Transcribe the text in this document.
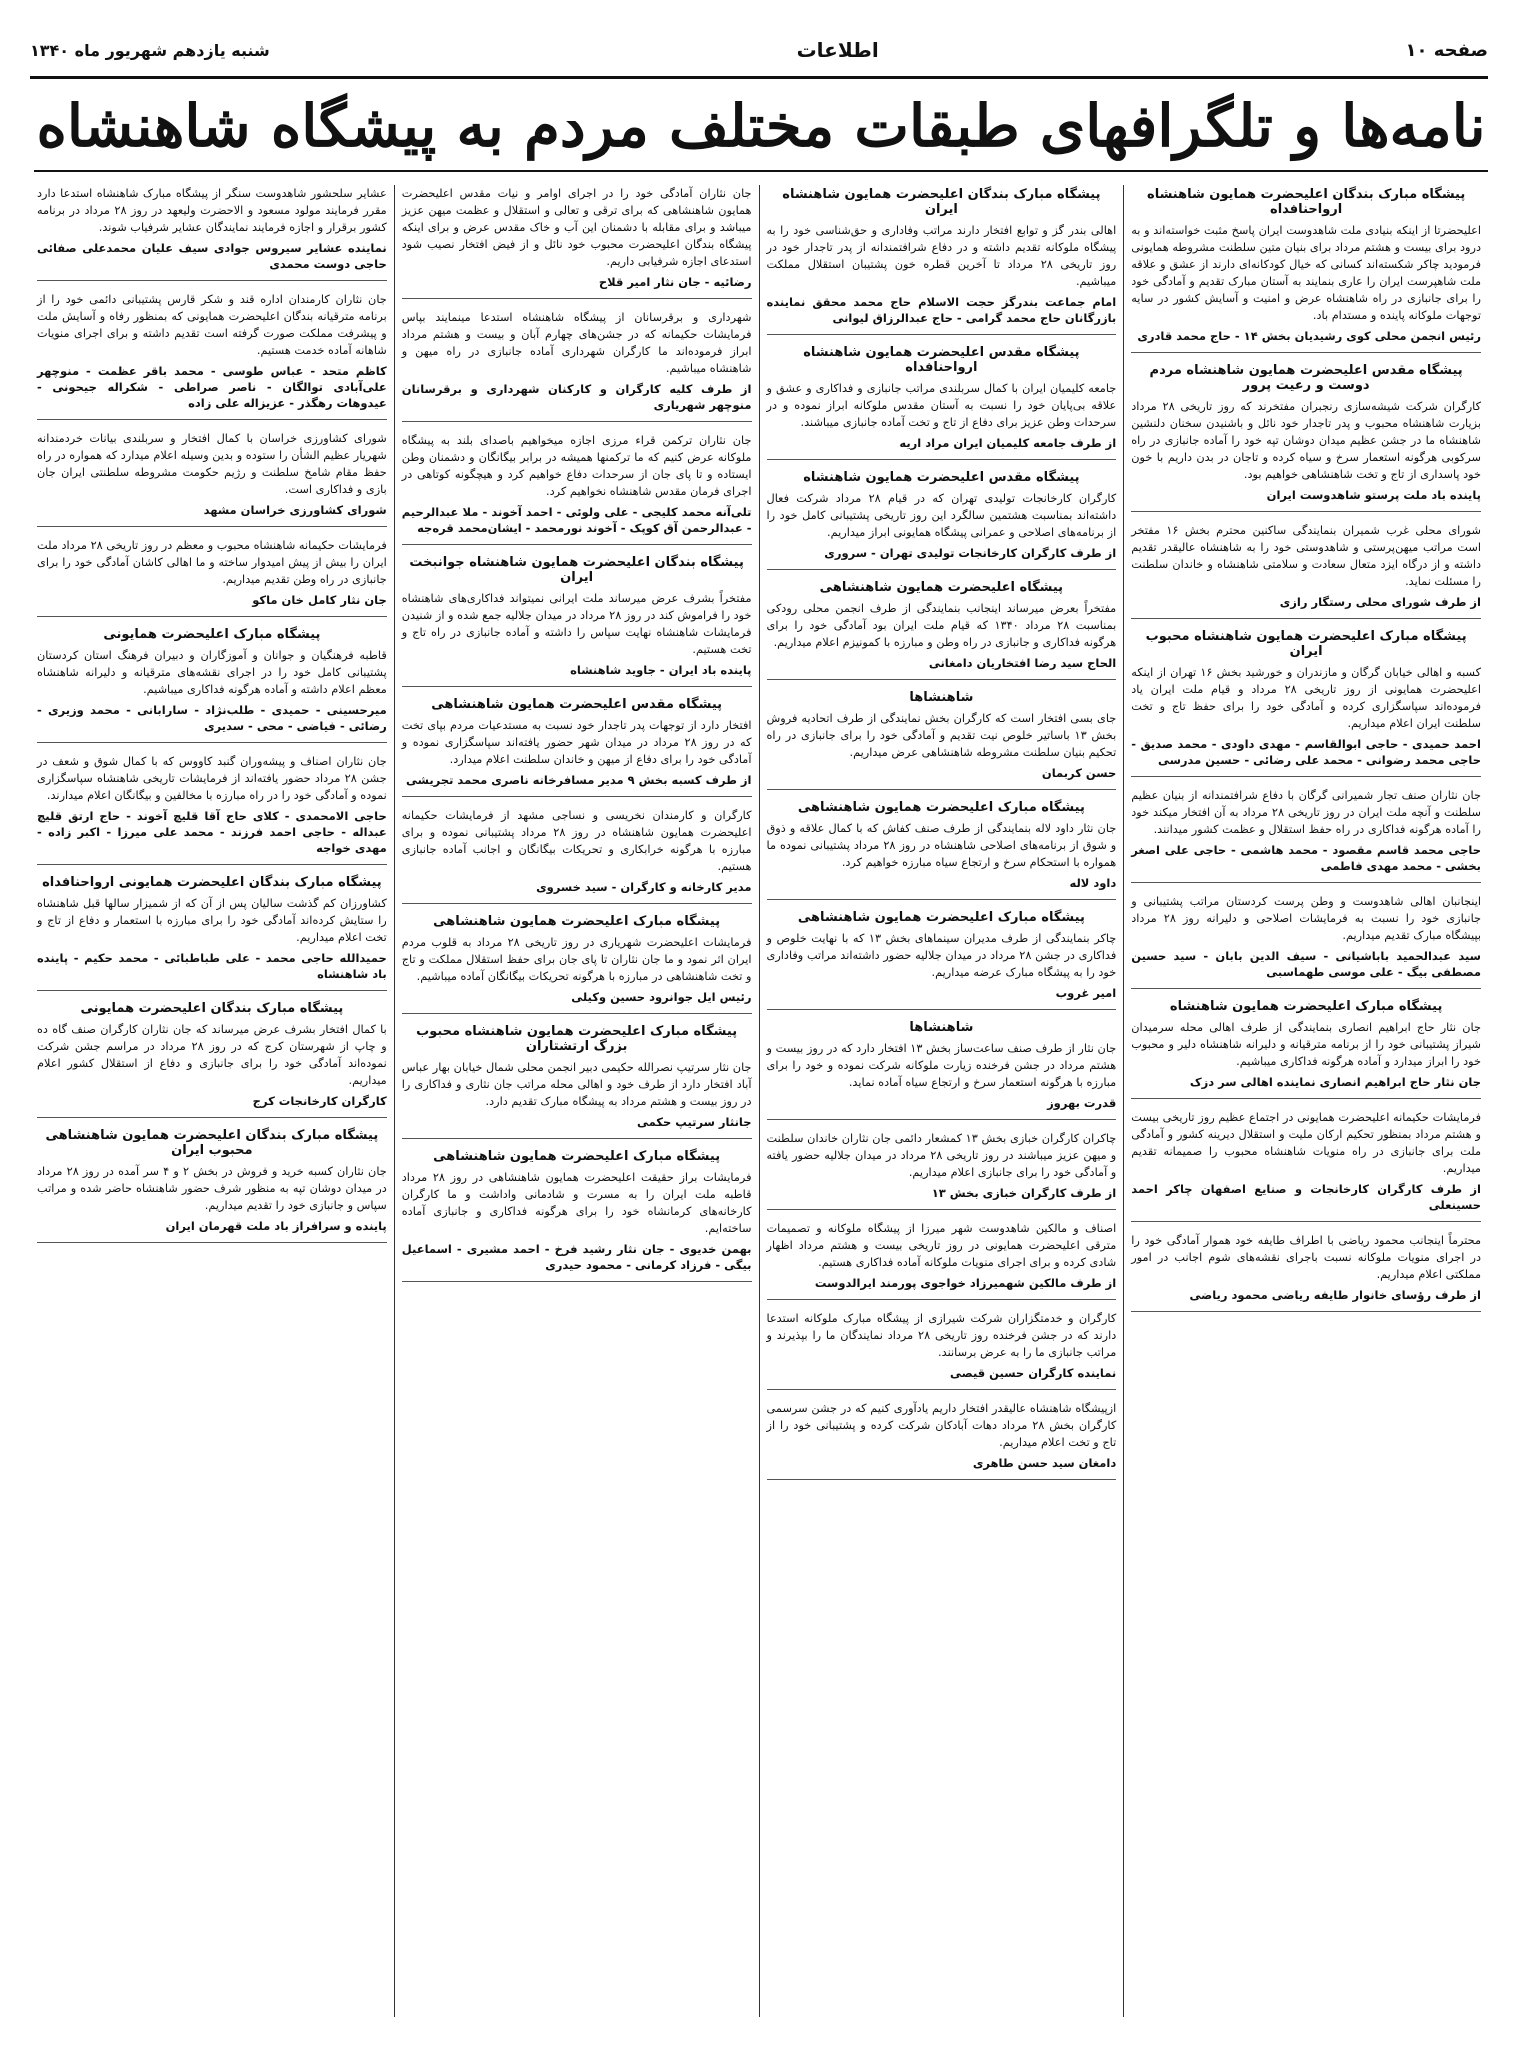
صفحه ۱۰
اطلاعات
شنبه یازدهم شهریور ماه ۱۳۴۰
نامه‌ها و تلگرافهای طبقات مختلف مردم به پیشگاه شاهنشاه
پیشگاه مبارک بندگان اعلیحضرت همایون شاهنشاه ارواحنافداه
اعلیحضرتا از اینکه بنیادی ملت شاهدوست ایران پاسخ مثبت خواسته‌اند و به درود برای بیست و هشتم مرداد برای بنیان متین سلطنت مشروطه همایونی فرمودید چاکر شکسته‌اند کسانی که خیال کودکانه‌ای دارند از عشق و علاقه ملت شاهپرست ایران را عاری بنمایند به آستان مبارک تقدیم و آمادگی خود را برای جانبازی در راه شاهنشاه عرض و امنیت و آسایش کشور در سایه توجهات ملوکانه پاینده و مستدام باد.
رئیس انجمن محلی کوی رشیدیان بخش ۱۴ - حاج محمد قادری
پیشگاه مقدس اعلیحضرت همایون شاهنشاه مردم دوست و رعیت پرور
کارگران شرکت شیشه‌سازی رنجبران مفتخرند که روز تاریخی ۲۸ مرداد بزیارت شاهنشاه محبوب و پدر تاجدار خود نائل و باشنیدن سخنان دلنشین شاهنشاه ما در جشن عظیم میدان دوشان تپه خود را آماده جانبازی در راه سرکوبی هرگونه استعمار سرخ و سیاه کرده و تاجان در بدن داریم با خون خود پاسداری از تاج و تخت شاهنشاهی خواهیم بود.
پاینده باد ملت پرستو شاهدوست ایران
شورای محلی غرب شمیران بنمایندگی ساکنین محترم بخش ۱۶ مفتخر است مراتب میهن‌پرستی و شاهدوستی خود را به شاهنشاه عالیقدر تقدیم داشته و از درگاه ایزد متعال سعادت و سلامتی شاهنشاه و خاندان سلطنت را مسئلت نماید.
از طرف شورای محلی رستگار رازی
پیشگاه مبارک اعلیحضرت همایون شاهنشاه محبوب ایران
کسبه و اهالی خیابان گرگان و مازندران و خورشید بخش ۱۶ تهران از اینکه اعلیحضرت همایونی از روز تاریخی ۲۸ مرداد و قیام ملت ایران یاد فرموده‌اند سپاسگزاری کرده و آمادگی خود را برای حفظ تاج و تخت سلطنت ایران اعلام میداریم.
احمد حمیدی - حاجی ابوالقاسم - مهدی داودی - محمد صدیق - حاجی محمد رضوانی - محمد علی رضائی - حسین مدرسی
جان نثاران صنف تجار شمیرانی گرگان با دفاع شرافتمندانه از بنیان عظیم سلطنت و آنچه ملت ایران در روز تاریخی ۲۸ مرداد به آن افتخار میکند خود را آماده هرگونه فداکاری در راه حفظ استقلال و عظمت کشور میدانند.
حاجی محمد قاسم مقصود - محمد هاشمی - حاجی علی اصغر بخشی - محمد مهدی فاطمی
اینجانبان اهالی شاهدوست و وطن پرست کردستان مراتب پشتیبانی و جانبازی خود را نسبت به فرمایشات اصلاحی و دلیرانه روز ۲۸ مرداد بپیشگاه مبارک تقدیم میداریم.
سید عبدالحمید باباشیانی - سیف الدین بابان - سید حسین مصطفی بیگ - علی موسی طهماسبی
پیشگاه مبارک اعلیحضرت همایون شاهنشاه
جان نثار حاج ابراهیم انصاری بنمایندگی از طرف اهالی محله سرمیدان شیراز پشتیبانی خود را از برنامه مترقیانه و دلیرانه شاهنشاه دلیر و محبوب خود را ابراز میدارد و آماده هرگونه فداکاری میباشیم.
جان نثار حاج ابراهیم انصاری نماینده اهالی سر دزک
فرمایشات حکیمانه اعلیحضرت همایونی در اجتماع عظیم روز تاریخی بیست و هشتم مرداد بمنظور تحکیم ارکان ملیت و استقلال دیرینه کشور و آمادگی ملت برای جانبازی در راه منویات شاهنشاه محبوب را صمیمانه تقدیم میداریم.
از طرف کارگران کارخانجات و صنایع اصفهان چاکر احمد حسینعلی
محترماً اینجانب محمود ریاضی با اطراف طایفه خود هموار آمادگی خود را در اجرای منویات ملوکانه نسبت باجرای نقشه‌های شوم اجانب در امور مملکتی اعلام میداریم.
از طرف رؤسای خانوار طایفه ریاضی محمود ریاضی
پیشگاه مبارک بندگان اعلیحضرت همایون شاهنشاه ایران
اهالی بندر گز و توابع افتخار دارند مراتب وفاداری و حق‌شناسی خود را به پیشگاه ملوکانه تقدیم داشته و در دفاع شرافتمندانه از پدر تاجدار خود در روز تاریخی ۲۸ مرداد تا آخرین قطره خون پشتیبان استقلال مملکت میباشیم.
امام جماعت بندرگز حجت الاسلام حاج محمد محقق نماینده بازرگانان حاج محمد گرامی - حاج عبدالرزاق لیوانی
پیشگاه مقدس اعلیحضرت همایون شاهنشاه ارواحنافداه
جامعه کلیمیان ایران با کمال سربلندی مراتب جانبازی و فداکاری و عشق و علاقه بی‌پایان خود را نسبت به آستان مقدس ملوکانه ابراز نموده و در سرحدات وطن عزیز برای دفاع از تاج و تخت آماده جانبازی میباشند.
از طرف جامعه کلیمیان ایران مراد اریه
پیشگاه مقدس اعلیحضرت همایون شاهنشاه
کارگران کارخانجات تولیدی تهران که در قیام ۲۸ مرداد شرکت فعال داشته‌اند بمناسبت هشتمین سالگرد این روز تاریخی پشتیبانی کامل خود را از برنامه‌های اصلاحی و عمرانی پیشگاه همایونی ابراز میداریم.
از طرف کارگران کارخانجات تولیدی تهران - سروری
پیشگاه اعلیحضرت همایون شاهنشاهی
مفتخراً بعرض میرساند اینجانب بنمایندگی از طرف انجمن محلی رودکی بمناسبت ۲۸ مرداد ۱۳۴۰ که قیام ملت ایران بود آمادگی خود را برای هرگونه فداکاری و جانبازی در راه وطن و مبارزه با کمونیزم اعلام میداریم.
الحاج سید رضا افتخاریان دامغانی
شاهنشاها
جای بسی افتخار است که کارگران بخش نمایندگی از طرف اتحادیه فروش بخش ۱۳ باساتیر خلوص نیت تقدیم و آمادگی خود را برای جانبازی در راه تحکیم بنیان سلطنت مشروطه شاهنشاهی عرض میداریم.
حسن کربمان
پیشگاه مبارک اعلیحضرت همایون شاهنشاهی
جان نثار داود لاله بنمایندگی از طرف صنف کفاش که با کمال علاقه و ذوق و شوق از برنامه‌های اصلاحی شاهنشاه در روز ۲۸ مرداد پشتیبانی نموده ما همواره با استحکام سرخ و ارتجاع سیاه مبارزه خواهیم کرد.
داود لاله
پیشگاه مبارک اعلیحضرت همایون شاهنشاهی
چاکر بنمایندگی از طرف مدیران سینماهای بخش ۱۳ که با نهایت خلوص و فداکاری در جشن ۲۸ مرداد در میدان جلالیه حضور داشته‌اند مراتب وفاداری خود را به پیشگاه مبارک عرضه میداریم.
امیر غروب
شاهنشاها
جان نثار از طرف صنف ساعت‌ساز بخش ۱۳ افتخار دارد که در روز بیست و هشتم مرداد در جشن فرخنده زیارت ملوکانه شرکت نموده و خود را برای مبارزه با هرگونه استعمار سرخ و ارتجاع سیاه آماده نماید.
قدرت بهروز
چاکران کارگران خبازی بخش ۱۳ کمشعار دائمی جان نثاران خاندان سلطنت و میهن عزیز میباشند در روز تاریخی ۲۸ مرداد در میدان جلالیه حضور یافته و آمادگی خود را برای جانبازی اعلام میداریم.
از طرف کارگران خبازی بخش ۱۳
اصناف و مالکین شاهدوست شهر میرزا از پیشگاه ملوکانه و تصمیمات مترقی اعلیحضرت همایونی در روز تاریخی بیست و هشتم مرداد اظهار شادی کرده و برای اجرای منویات ملوکانه آماده فداکاری هستیم.
از طرف مالکین شهمیرزاد خواجوی پورمند ایرالدوست
کارگران و خدمتگزاران شرکت شیرازی از پیشگاه مبارک ملوکانه استدعا دارند که در جشن فرخنده روز تاریخی ۲۸ مرداد نمایندگان ما را بپذیرند و مراتب جانبازی ما را به عرض برسانند.
نماینده کارگران حسین قیصی
ازپیشگاه شاهنشاه عالیقدر افتخار داریم یادآوری کنیم که در جشن سرسمی کارگران بخش ۲۸ مرداد دهات آبادکان شرکت کرده و پشتیبانی خود را از تاج و تخت اعلام میداریم.
دامغان سید حسن طاهری
جان نثاران آمادگی خود را در اجرای اوامر و نیات مقدس اعلیحضرت همایون شاهنشاهی که برای ترقی و تعالی و استقلال و عظمت میهن عزیز میباشد و برای مقابله با دشمنان این آب و خاک مقدس عرض و برای اینکه پیشگاه بندگان اعلیحضرت محبوب خود نائل و از فیض افتخار نصیب شود استدعای اجازه شرفیابی داریم.
رضائیه - جان نثار امیر قلاح
شهرداری و برقرسانان از پیشگاه شاهنشاه استدعا مینمایند بپاس فرمایشات حکیمانه که در جشن‌های چهارم آبان و بیست و هشتم مرداد ابراز فرموده‌اند ما کارگران شهرداری آماده جانبازی در راه میهن و شاهنشاه میباشیم.
از طرف کلیه کارگران و کارکنان شهرداری و برقرسانان منوچهر شهریاری
جان نثاران ترکمن قراء مرزی اجازه میخواهیم باصدای بلند به پیشگاه ملوکانه عرض کنیم که ما ترکمنها همیشه در برابر بیگانگان و دشمنان وطن ایستاده و تا پای جان از سرحدات دفاع خواهیم کرد و هیچگونه کوتاهی در اجرای فرمان مقدس شاهنشاه نخواهیم کرد.
تلی‌آنه محمد کلیجی - علی ولوئی - احمد آخوند - ملا عبدالرحیم - عبدالرحمن آق کوپک - آخوند نورمحمد - ایشان‌محمد قره‌جه
پیشگاه بندگان اعلیحضرت همایون شاهنشاه جوانبخت ایران
مفتخراً بشرف عرض میرساند ملت ایرانی نمیتواند فداکاری‌های شاهنشاه خود را فراموش کند در روز ۲۸ مرداد در میدان جلالیه جمع شده و از شنیدن فرمایشات شاهنشاه نهایت سپاس را داشته و آماده جانبازی در راه تاج و تخت هستیم.
پاینده باد ایران - جاوید شاهنشاه
پیشگاه مقدس اعلیحضرت همایون شاهنشاهی
افتخار دارد از توجهات پدر تاجدار خود نسبت به مستدعیات مردم بپای تخت که در روز ۲۸ مرداد در میدان شهر حضور یافته‌اند سپاسگزاری نموده و آمادگی خود را برای دفاع از میهن و خاندان سلطنت اعلام میدارد.
از طرف کسبه بخش ۹ مدیر مسافرخانه ناصری محمد تجریشی
کارگران و کارمندان نخریسی و نساجی مشهد از فرمایشات حکیمانه اعلیحضرت همایون شاهنشاه در روز ۲۸ مرداد پشتیبانی نموده و برای مبارزه با هرگونه خرابکاری و تحریکات بیگانگان و اجانب آماده جانبازی هستیم.
مدیر کارخانه و کارگران - سید خسروی
پیشگاه مبارک اعلیحضرت همایون شاهنشاهی
فرمایشات اعلیحضرت شهریاری در روز تاریخی ۲۸ مرداد به قلوب مردم ایران اثر نمود و ما جان نثاران تا پای جان برای حفظ استقلال مملکت و تاج و تخت شاهنشاهی در مبارزه با هرگونه تحریکات بیگانگان آماده میباشیم.
رئیس ایل جوانرود حسین وکیلی
پیشگاه مبارک اعلیحضرت همایون شاهنشاه محبوب بزرگ ارتشتاران
جان نثار سرتیپ نصرالله حکیمی دبیر انجمن محلی شمال خیابان بهار عباس آباد افتخار دارد از طرف خود و اهالی محله مراتب جان نثاری و فداکاری را در روز بیست و هشتم مرداد به پیشگاه مبارک تقدیم دارد.
جانثار سرتیپ حکمی
پیشگاه مبارک اعلیحضرت همایون شاهنشاهی
فرمایشات براز حقیقت اعلیحضرت همایون شاهنشاهی در روز ۲۸ مرداد قاطبه ملت ایران را به مسرت و شادمانی واداشت و ما کارگران کارخانه‌های کرمانشاه خود را برای هرگونه فداکاری و جانبازی آماده ساخته‌ایم.
بهمن خدیوی - جان نثار رشید فرخ - احمد مشیری - اسماعیل بیگی - فرزاد کرمانی - محمود حیدری
عشایر سلحشور شاهدوست سنگر از پیشگاه مبارک شاهنشاه استدعا دارد مقرر فرمایند مولود مسعود و الاحضرت ولیعهد در روز ۲۸ مرداد در برنامه کشور برقرار و اجازه فرمایند نمایندگان عشایر شرفیاب شوند.
نماینده عشایر سیروس جوادی سیف علیان محمدعلی صفائی حاجی دوست محمدی
جان نثاران کارمندان اداره قند و شکر قارس پشتیبانی دائمی خود را از برنامه مترقیانه بندگان اعلیحضرت همایونی که بمنظور رفاه و آسایش ملت و پیشرفت مملکت صورت گرفته است تقدیم داشته و برای اجرای منویات شاهانه آماده خدمت هستیم.
کاظم متحد - عباس طوسی - محمد باقر عظمت - منوچهر علی‌آبادی توالگان - ناصر صراطی - شکراله جیحونی - عیدوهات رهگذر - عزیزاله علی زاده
شورای کشاورزی خراسان با کمال افتخار و سربلندی بیانات خردمندانه شهریار عظیم الشأن را ستوده و بدین وسیله اعلام میدارد که همواره در راه حفظ مقام شامخ سلطنت و رژیم حکومت مشروطه سلطنتی ایران جان بازی و فداکاری است.
شورای کشاورزی خراسان مشهد
فرمایشات حکیمانه شاهنشاه محبوب و معظم در روز تاریخی ۲۸ مرداد ملت ایران را بیش از پیش امیدوار ساخته و ما اهالی کاشان آمادگی خود را برای جانبازی در راه وطن تقدیم میداریم.
جان نثار کامل خان ماکو
پیشگاه مبارک اعلیحضرت همایونی
قاطبه فرهنگیان و جوانان و آموزگاران و دبیران فرهنگ استان کردستان پشتیبانی کامل خود را در اجرای نقشه‌های مترقیانه و دلیرانه شاهنشاه معظم اعلام داشته و آماده هرگونه فداکاری میباشیم.
میرحسینی - حمیدی - طلب‌نژاد - سارابانی - محمد وزیری - رضائی - فیاضی - محی - سدیری
جان نثاران اصناف و پیشه‌وران گنبد کاووس که با کمال شوق و شعف در جشن ۲۸ مرداد حضور یافته‌اند از فرمایشات تاریخی شاهنشاه سپاسگزاری نموده و آمادگی خود را در راه مبارزه با مخالفین و بیگانگان اعلام میدارند.
حاجی الامحمدی - کلای حاج آقا قلیچ آخوند - حاج ارتق قلیچ عبداله - حاجی احمد فرزند - محمد علی میرزا - اکبر زاده - مهدی خواجه
پیشگاه مبارک بندگان اعلیحضرت همایونی ارواحنافداه
کشاورزان کم گذشت سالیان پس از آن که از شمیزار سالها قبل شاهنشاه را ستایش کرده‌اند آمادگی خود را برای مبارزه با استعمار و دفاع از تاج و تخت اعلام میداریم.
حمیدالله حاجی محمد - علی طباطبائی - محمد حکیم - پاینده باد شاهنشاه
پیشگاه مبارک بندگان اعلیحضرت همایونی
با کمال افتخار بشرف عرض میرساند که جان نثاران کارگران صنف گاه ده و چاپ از شهرستان کرج که در روز ۲۸ مرداد در مراسم جشن شرکت نموده‌اند آمادگی خود را برای جانبازی و دفاع از استقلال کشور اعلام میداریم.
کارگران کارخانجات کرج
پیشگاه مبارک بندگان اعلیحضرت همایون شاهنشاهی محبوب ایران
جان نثاران کسبه خرید و فروش در بخش ۲ و ۴ سر آمده در روز ۲۸ مرداد در میدان دوشان تپه به منظور شرف حضور شاهنشاه حاضر شده و مراتب سپاس و جانبازی خود را تقدیم میداریم.
پاینده و سرافراز باد ملت قهرمان ایران
